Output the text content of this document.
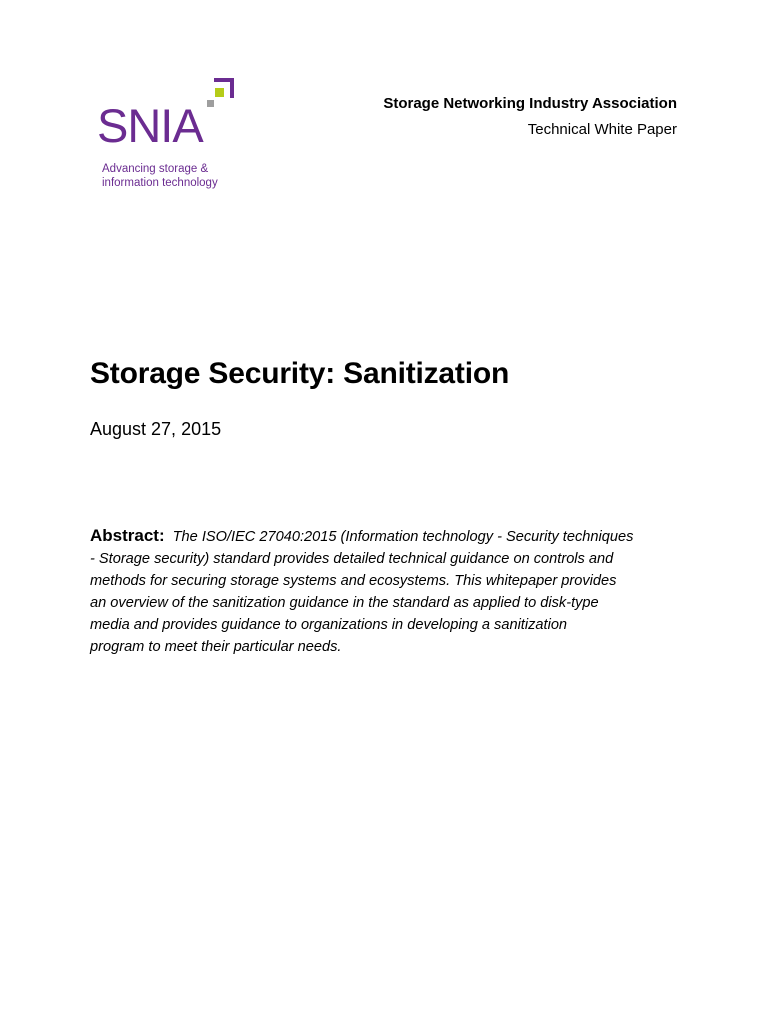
SNIA
Advancing storage &
information technology
Storage Networking Industry Association
Technical White Paper
Storage Security: Sanitization
August 27, 2015
Abstract: The ISO/IEC 27040:2015 (Information technology - Security techniques
- Storage security) standard provides detailed technical guidance on controls and
methods for securing storage systems and ecosystems. This whitepaper provides
an overview of the sanitization guidance in the standard as applied to disk-type
media and provides guidance to organizations in developing a sanitization
program to meet their particular needs.
